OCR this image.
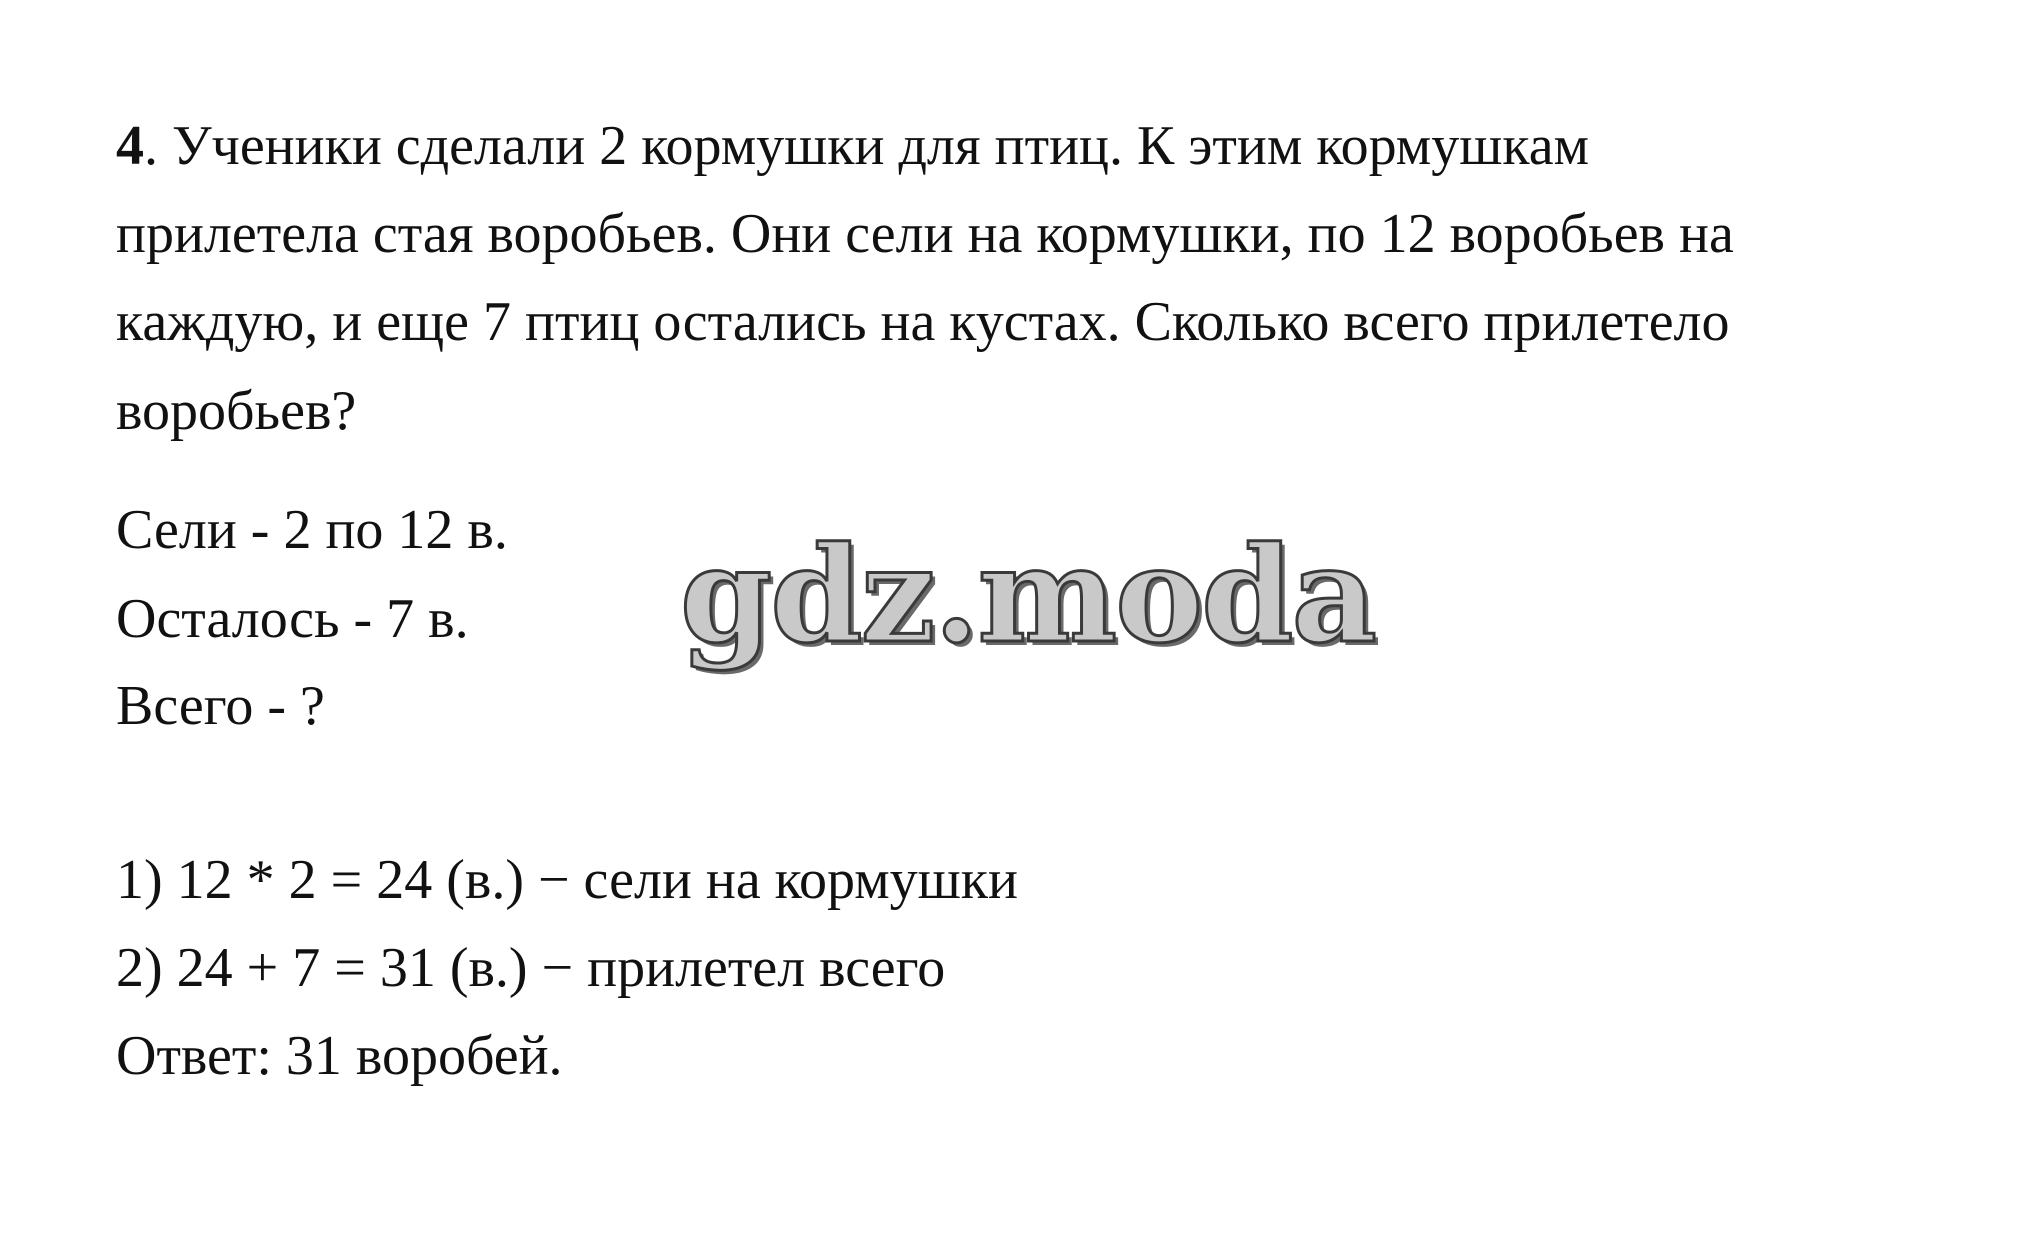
4. Ученики сделали 2 кормушки для птиц. К этим кормушкам
прилетела стая воробьев. Они сели на кормушки, по 12 воробьев на
каждую, и еще 7 птиц остались на кустах. Сколько всего прилетело
воробьев?
Сели - 2 по 12 в.
Осталось - 7 в.
Всего - ?
gdz.moda
1) 12 * 2 = 24 (в.) − сели на кормушки
2) 24 + 7 = 31 (в.) − прилетел всего
Ответ: 31 воробей.
